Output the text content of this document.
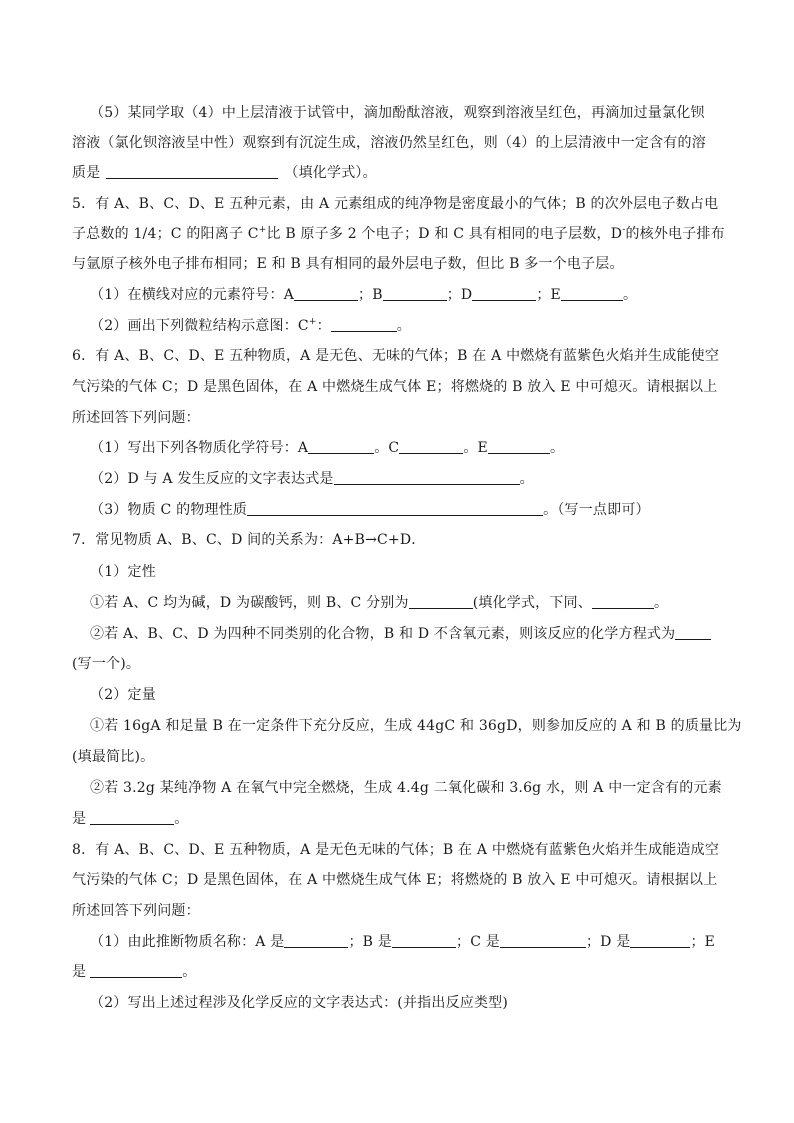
（5）某同学取（4）中上层清液于试管中，滴加酚酞溶液，观察到溶液呈红色，再滴加过量氯化钡
溶液（氯化钡溶液呈中性）观察到有沉淀生成，溶液仍然呈红色，则（4）的上层清液中一定含有的溶
质是	（填化学式）。
5．有 A、B、C、D、E 五种元素，由 A 元素组成的纯净物是密度最小的气体；B 的次外层电子数占电
子总数的 1/4；C 的阳离子 C+比 B 原子多 2 个电子；D 和 C 具有相同的电子层数，D-的核外电子排布
与氩原子核外电子排布相同；E 和 B 具有相同的最外层电子数，但比 B 多一个电子层。
（1）在横线对应的元素符号：A	；B	；D	；E	。
（2）画出下列微粒结构示意图：C+：	。
6．有 A、B、C、D、E 五种物质，A 是无色、无味的气体；B 在 A 中燃烧有蓝紫色火焰并生成能使空
气污染的气体 C；D 是黑色固体，在 A 中燃烧生成气体 E；将燃烧的 B 放入 E 中可熄灭。请根据以上
所述回答下列问题：
（1）写出下列各物质化学符号：A	。C	。E	。
（2）D 与 A 发生反应的文字表达式是	。
（3）物质 C 的物理性质	。（写一点即可）
7．常见物质 A、B、C、D 间的关系为：A+B→C+D．
（1）定性
①若 A、C 均为碱，D 为碳酸钙，则 B、C 分别为	(填化学式，下同、	。
②若 A、B、C、D 为四种不同类别的化合物，B 和 D 不含氧元素，则该反应的化学方程式为
(写一个)。
（2）定量
①若 16gA 和足量 B 在一定条件下充分反应，生成 44gC 和 36gD，则参加反应的 A 和 B 的质量比为
(填最简比)。
②若 3.2g 某纯净物 A 在氧气中完全燃烧，生成 4.4g 二氧化碳和 3.6g 水，则 A 中一定含有的元素
是	。
8．有 A、B、C、D、E 五种物质，A 是无色无味的气体；B 在 A 中燃烧有蓝紫色火焰并生成能造成空
气污染的气体 C；D 是黑色固体，在 A 中燃烧生成气体 E；将燃烧的 B 放入 E 中可熄灭。请根据以上
所述回答下列问题：
（1）由此推断物质名称：A 是	；B 是	；C 是	；D 是	；E
是	。
（2）写出上述过程涉及化学反应的文字表达式：(并指出反应类型)
